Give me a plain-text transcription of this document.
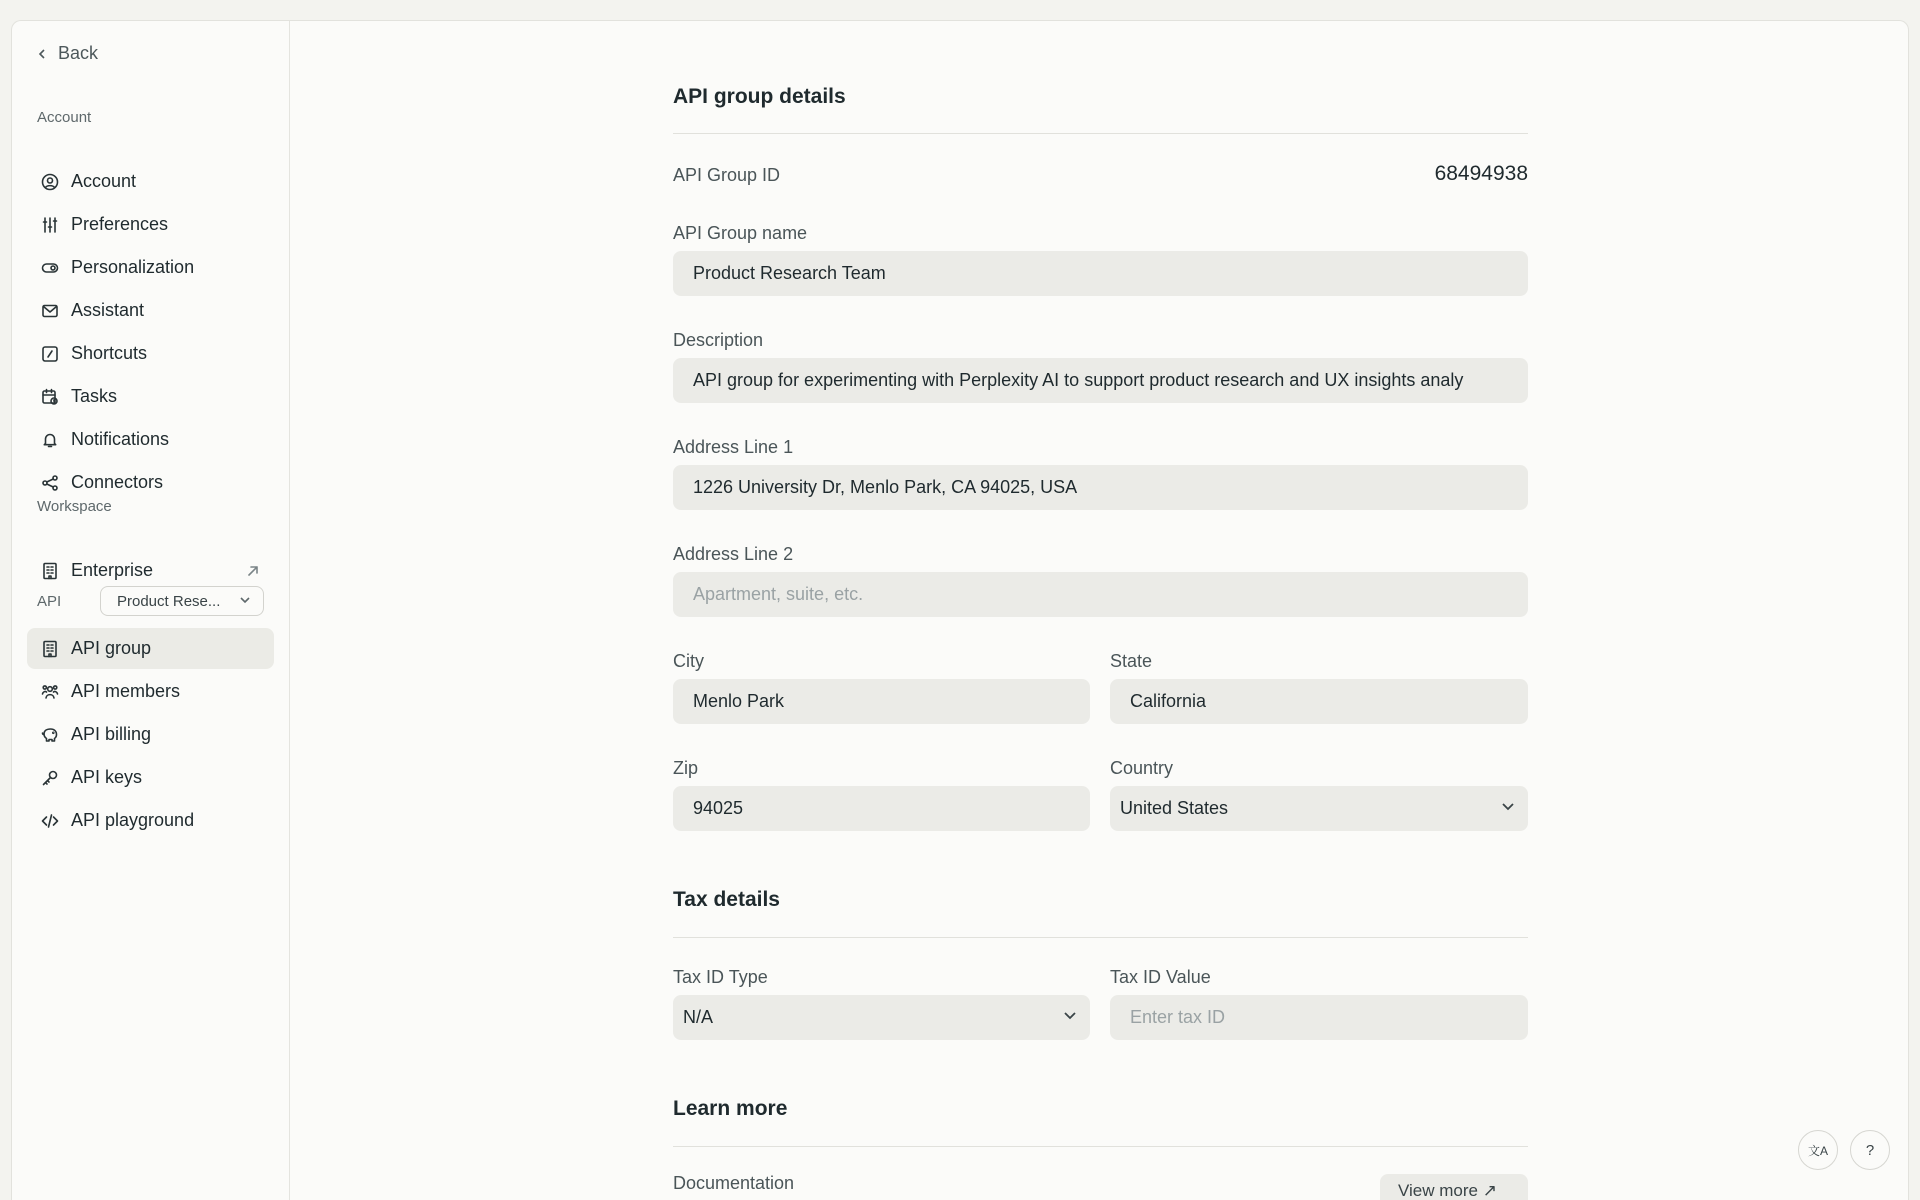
Back
Account
Account
Preferences
Personalization
Assistant
Shortcuts
Tasks
Notifications
Connectors
Workspace
Enterprise
API	Product Rese...
API group
API members
API billing
API keys
API playground
API group details
API Group ID	68494938
API Group name
Product Research Team
Description
API group for experimenting with Perplexity AI to support product research and UX insights analy
Address Line 1
1226 University Dr, Menlo Park, CA 94025, USA
Address Line 2
Apartment, suite, etc.
City
Menlo Park
State
California
Zip
94025
Country
United States
Tax details
Tax ID Type
N/A
Tax ID Value
Enter tax ID
Learn more
Documentation	View more ↗
文A	?
